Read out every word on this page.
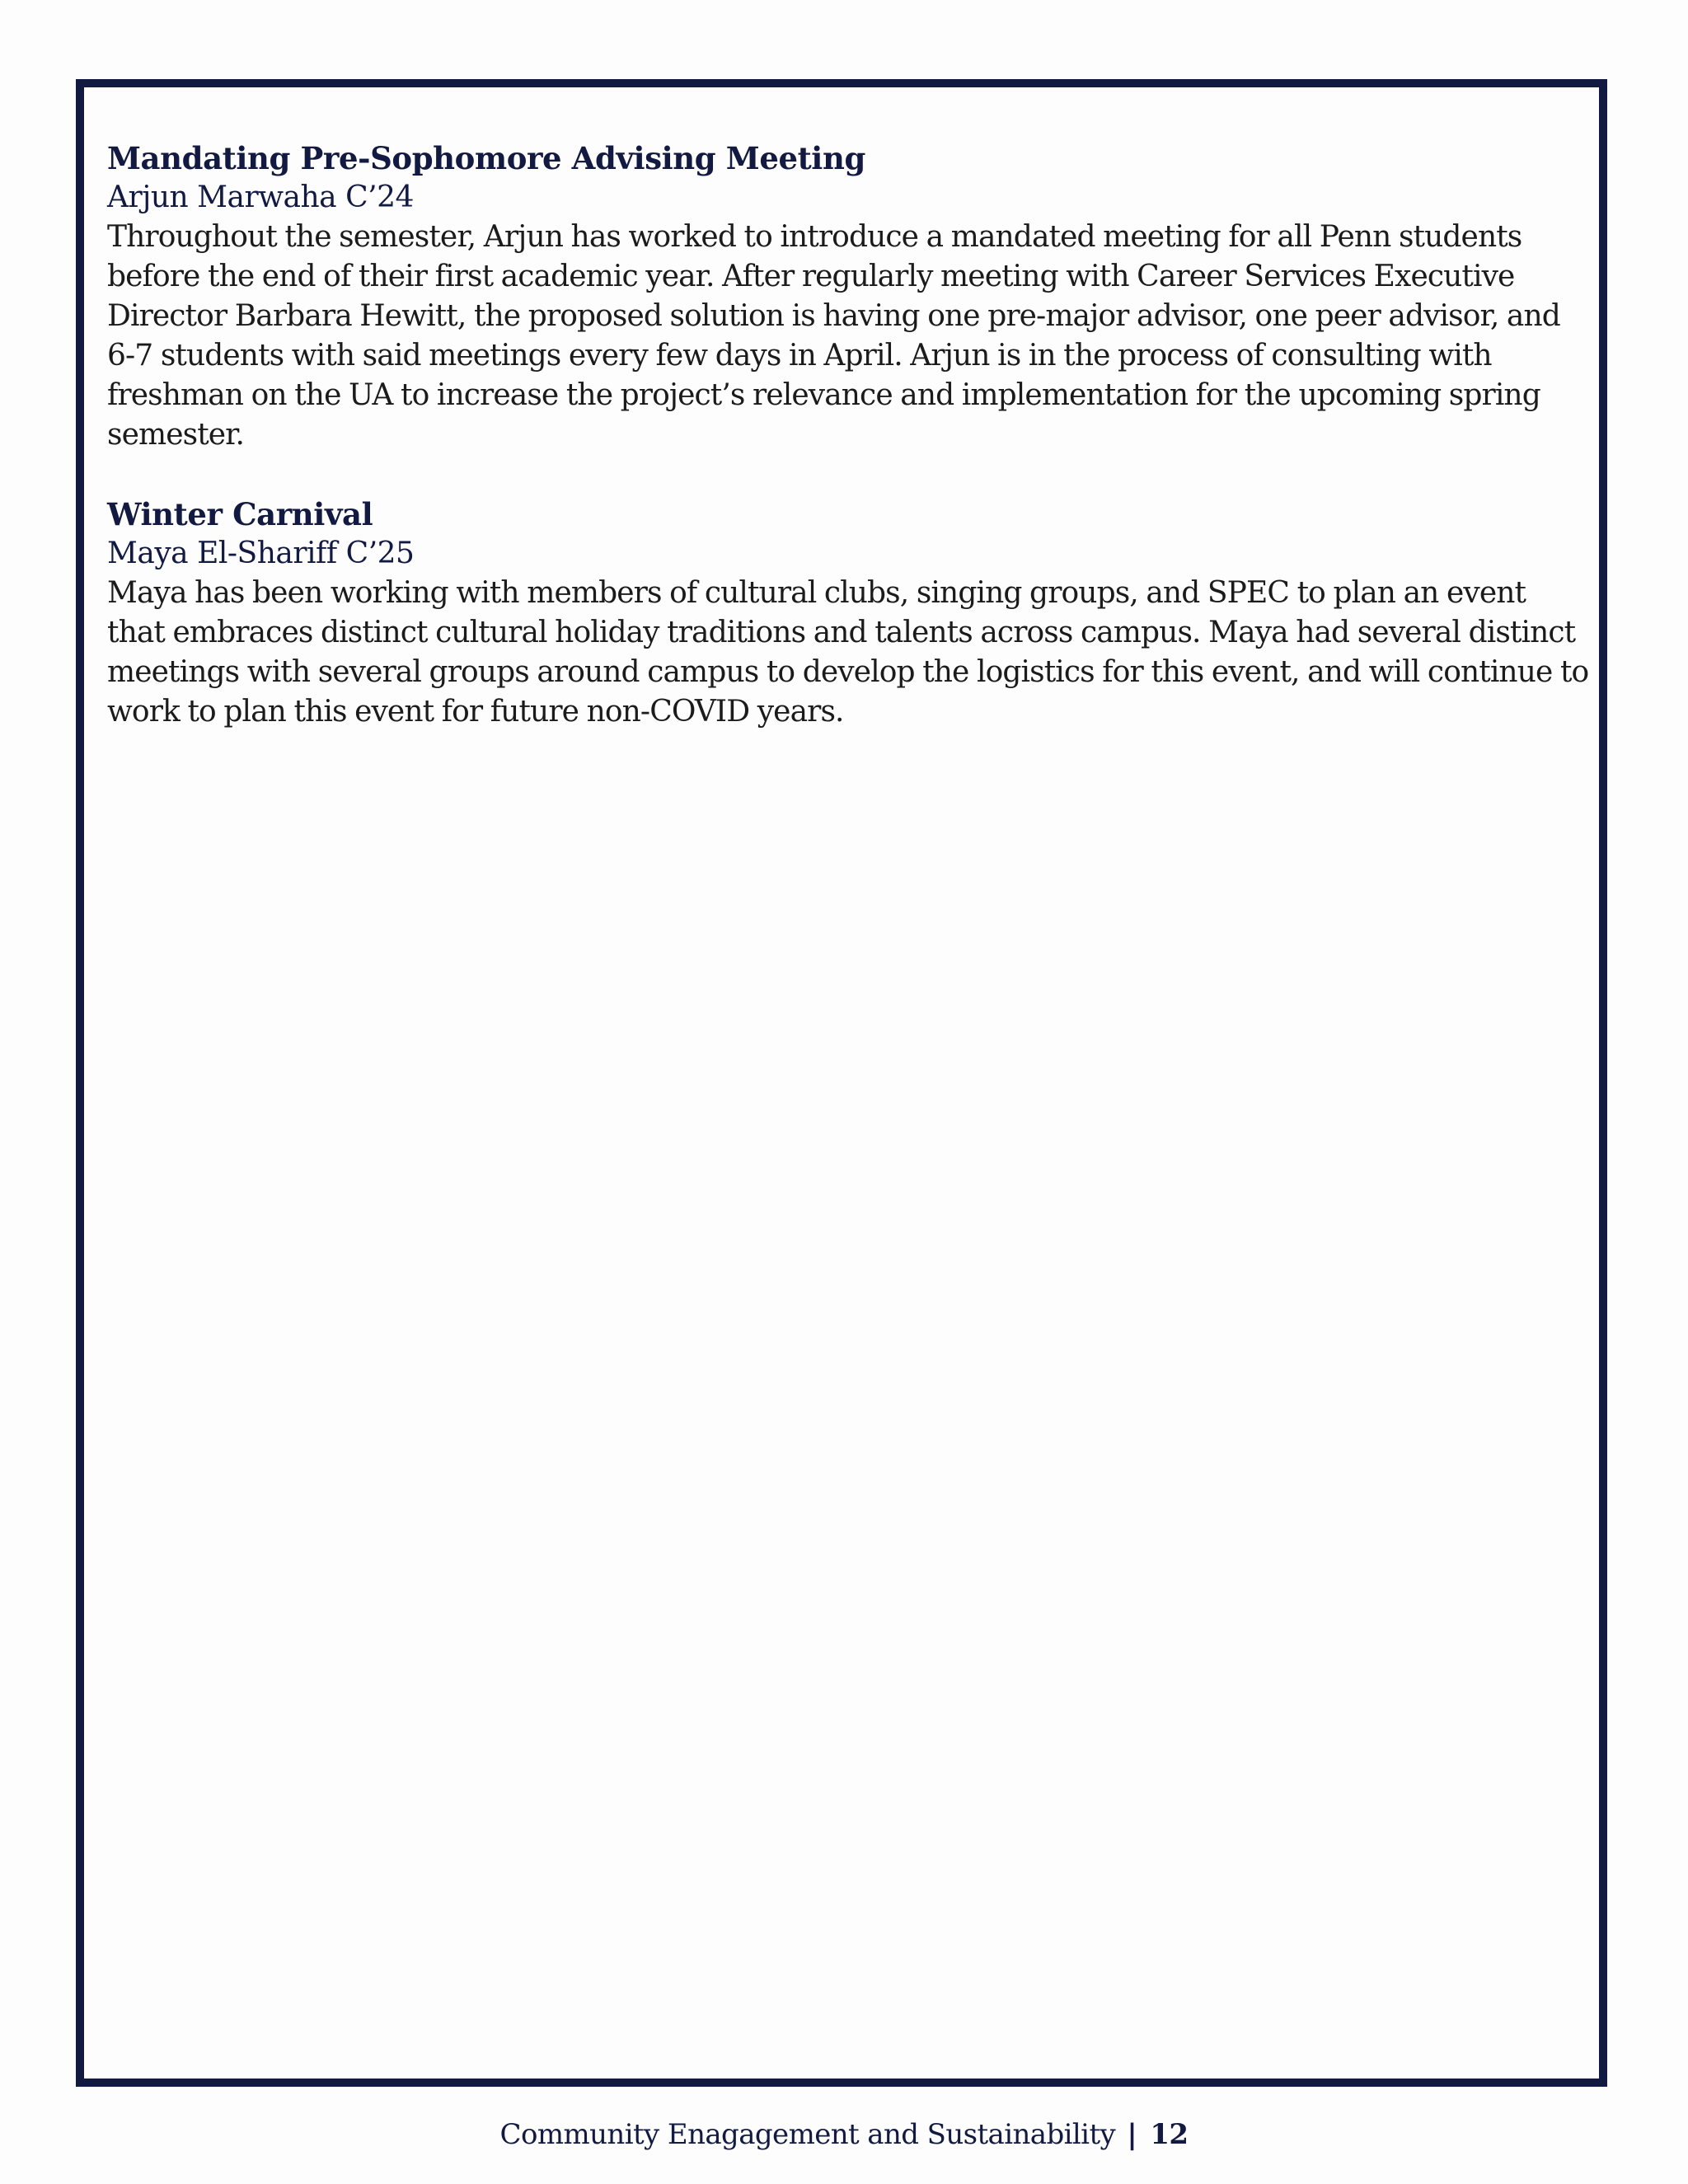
Mandating Pre-Sophomore Advising Meeting

Arjun Marwaha C’24

Throughout the semester, Arjun has worked to introduce a mandated meeting for all Penn students before the end of their first academic year. After regularly meeting with Career Services Executive Director Barbara Hewitt, the proposed solution is having one pre-major advisor, one peer advisor, and 6-7 students with said meetings every few days in April. Arjun is in the process of consulting with freshman on the UA to increase the project’s relevance and implementation for the upcoming spring semester.

Winter Carnival

Maya El-Shariff C’25

Maya has been working with members of cultural clubs, singing groups, and SPEC to plan an event that embraces distinct cultural holiday traditions and talents across campus. Maya had several distinct meetings with several groups around campus to develop the logistics for this event, and will continue to work to plan this event for future non-COVID years.

Community Enagagement and Sustainability | 12
